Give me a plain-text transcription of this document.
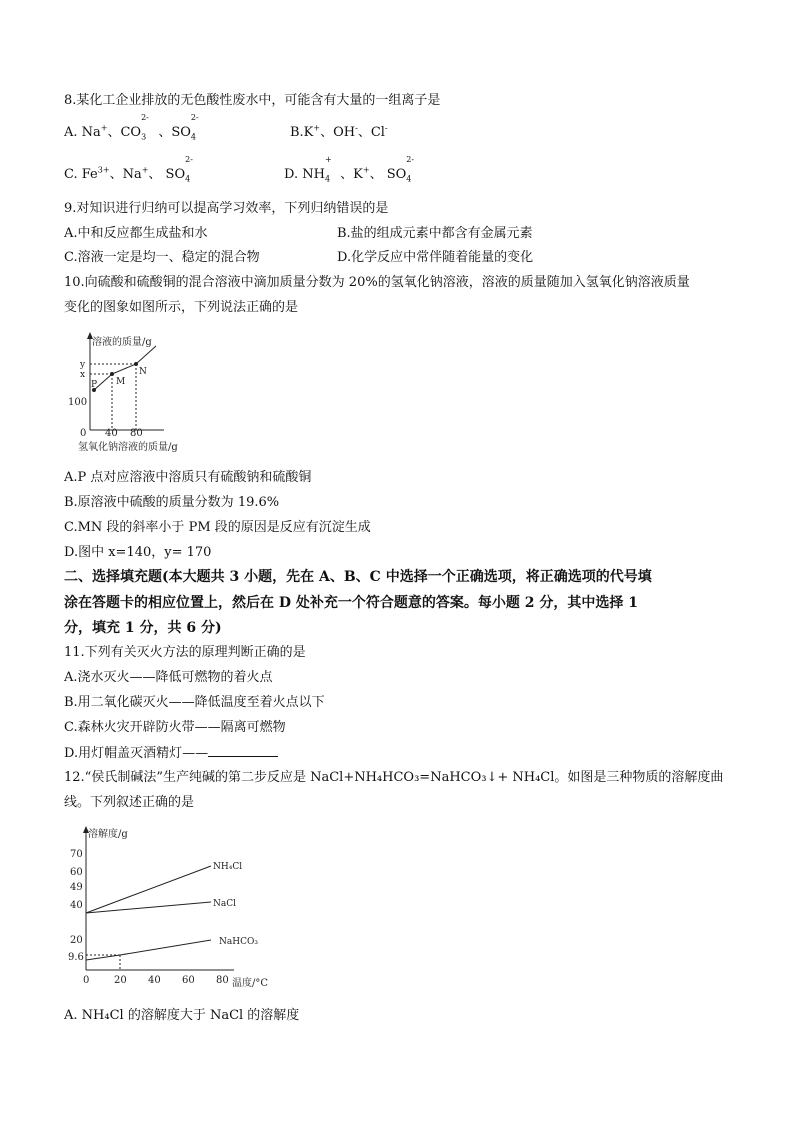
8.某化工企业排放的无色酸性废水中，可能含有大量的一组离子是
A. Na+、$CO_3$
2-
、$SO_4$
2-
B.K+、OH-、Cl-
C. $Fe^{3+}$、Na+、 $SO_4$
2-
D. $NH_4$
+
、K+、 $SO_4$
2-
9.对知识进行归纳可以提高学习效率，下列归纳错误的是
A.中和反应都生成盐和水	B.盐的组成元素中都含有金属元素
C.溶液一定是均一、稳定的混合物	D.化学反应中常伴随着能量的变化
10.向硫酸和硫酸铜的混合溶液中滴加质量分数为 20%的氢氧化钠溶液，溶液的质量随加入氢氧化钠溶液质量
变化的图象如图所示，下列说法正确的是
溶液的质量/g
P M
N
y
x
100
0 40 80
氢氧化钠溶液的质量/g
A.P 点对应溶液中溶质只有硫酸钠和硫酸铜
B.原溶液中硫酸的质量分数为 19.6%
C.MN 段的斜率小于 PM 段的原因是反应有沉淀生成
D.图中 x=140，y= 170
二、选择填充题(本大题共 3 小题，先在 A、B、C 中选择一个正确选项，将正确选项的代号填
涂在答题卡的相应位置上，然后在 D 处补充一个符合题意的答案。每小题 2 分，其中选择 1
分，填充 1 分，共 6 分)
11.下列有关灭火方法的原理判断正确的是
A.浇水灭火——降低可燃物的着火点
B.用二氧化碳灭火——降低温度至着火点以下
C.森林火灾开辟防火带——隔离可燃物
D.用灯帽盖灭酒精灯——
12.“侯氏制碱法”生产纯碱的第二步反应是 NaCl+NH₄HCO₃=NaHCO₃↓+ NH₄Cl。如图是三种物质的溶解度曲
线。下列叙述正确的是
溶解度/g
温度/°C
70
60
49
40
20
9.6
0 20 40 60 80
NH₄Cl
NaCl
NaHCO₃
A. NH₄Cl 的溶解度大于 NaCl 的溶解度
